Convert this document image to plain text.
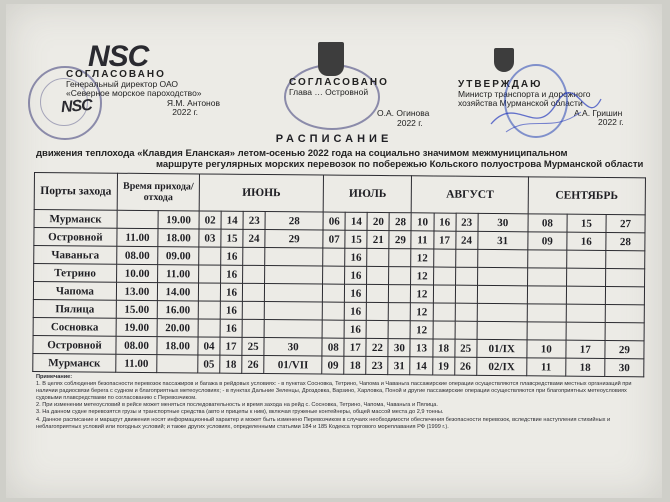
NSC
NSC
СОГЛАСОВАНО
Генеральный директор ОАО
«Северное морское пароходство»
Я.М. Антонов
2022 г.
СОГЛАСОВАНО
Глава … Островной
О.А. Огинова
2022 г.
УТВЕРЖДАЮ
Министр транспорта и дорожного
хозяйства Мурманской области
А.А. Гришин
2022 г.
РАСПИСАНИЕ
движения теплохода «Клавдия Еланская» летом-осенью 2022 года на социально значимом межмуниципальном
маршруте регулярных морских перевозок по побережью Кольского полуострова Мурманской области
Порты захода	Время прихода/отхода		ИЮНЬ				ИЮЛЬ				АВГУСТ				СЕНТЯБРЬ		
Мурманск		19.00	02	14	23	28	06	14	20	28	10	16	23	30	08	15	27
Островной	11.00	18.00	03	15	24	29	07	15	21	29	11	17	24	31	09	16	28
Чаваньга	08.00	09.00		16				16			12						
Тетрино	10.00	11.00		16				16			12						
Чапома	13.00	14.00		16				16			12						
Пялица	15.00	16.00		16				16			12						
Сосновка	19.00	20.00		16				16			12						
Островной	08.00	18.00	04	17	25	30	08	17	22	30	13	18	25	01/IX	10	17	29
Мурманск	11.00		05	18	26	01/VII	09	18	23	31	14	19	26	02/IX	11	18	30
Примечание:
1. В целях соблюдения безопасности перевозок пассажиров и багажа в рейдовых условиях: - в пунктах Сосновка, Тетрино, Чапома и Чаваньга пассажирские операции осуществляются плавсредствами местных организаций при наличии радиосвязи берега с судном и благоприятных метеоусловиях; - в пунктах Дальние Зеленцы, Дроздовка, Варзино, Харловка, Поной и другие пассажирские операции осуществляются при благоприятных метеоусловиях судовыми плавсредствами по согласованию с Перевозчиком.
2. При изменении метеоусловий в рейсе может меняться последовательность и время захода на рейд с. Сосновка, Тетрино, Чапома, Чаваньга и Пялица.
3. На данном судне перевозятся грузы и транспортные средства (авто и прицепы к ним), включая груженые контейнеры, общей массой места до 2,9 тонны.
4. Данное расписание и маршрут движения носят информационный характер и может быть изменено Перевозчиком в случаях необходимости обеспечения безопасности перевозок, вследствие наступления стихийных и неблагоприятных условий или погодных условий; и также других условиях, определенными статьями 184 и 185 Кодекса торгового мореплавания РФ (1999 г.).
